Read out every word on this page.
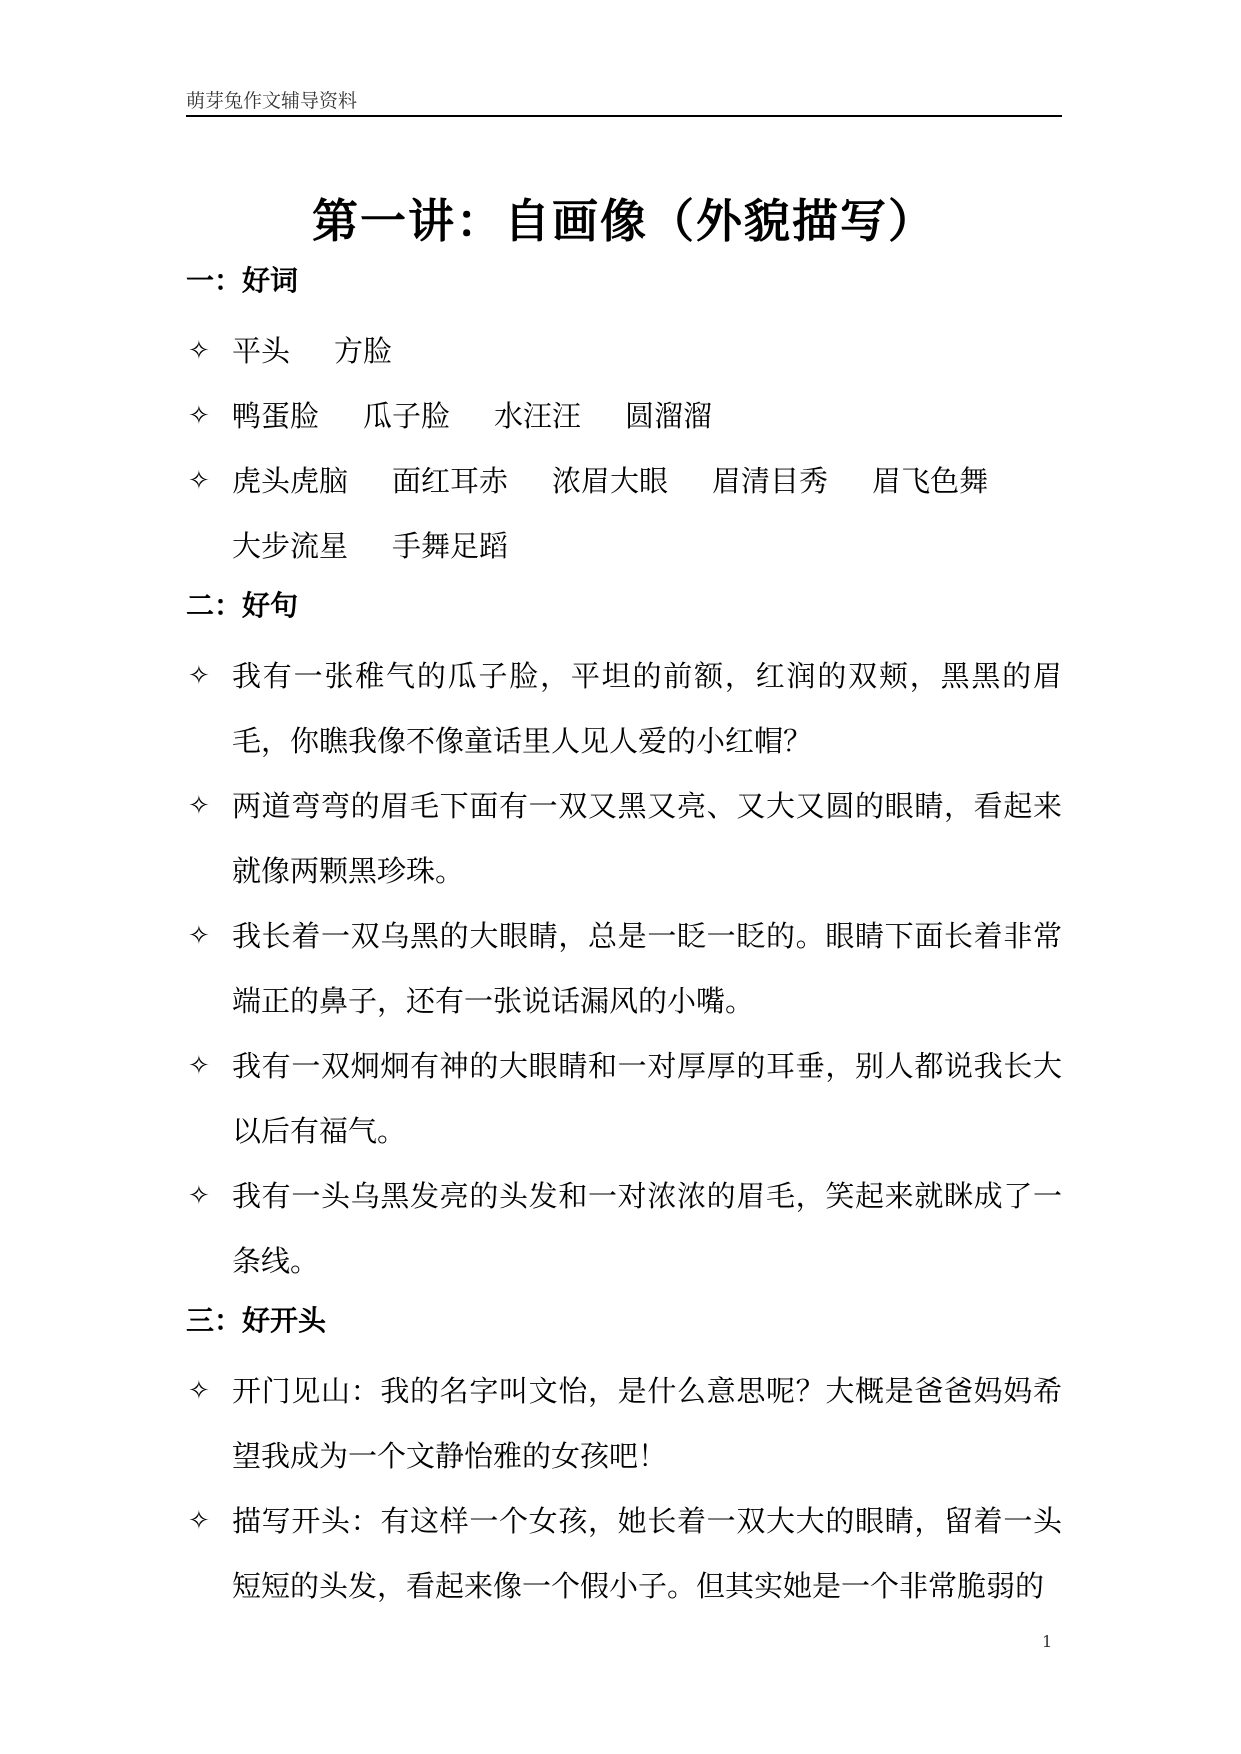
萌芽兔作文辅导资料
第一讲：自画像（外貌描写）
一：好词
✧ 平头 方脸
✧ 鸭蛋脸 瓜子脸 水汪汪 圆溜溜
✧ 虎头虎脑 面红耳赤 浓眉大眼 眉清目秀 眉飞色舞
大步流星 手舞足蹈
二：好句
✧ 我有一张稚气的瓜子脸，平坦的前额，红润的双颊，黑黑的眉毛，你瞧我像不像童话里人见人爱的小红帽？
✧ 两道弯弯的眉毛下面有一双又黑又亮、又大又圆的眼睛，看起来就像两颗黑珍珠。
✧ 我长着一双乌黑的大眼睛，总是一眨一眨的。眼睛下面长着非常端正的鼻子，还有一张说话漏风的小嘴。
✧ 我有一双炯炯有神的大眼睛和一对厚厚的耳垂，别人都说我长大以后有福气。
✧ 我有一头乌黑发亮的头发和一对浓浓的眉毛，笑起来就眯成了一条线。
三：好开头
✧ 开门见山：我的名字叫文怡，是什么意思呢？大概是爸爸妈妈希望我成为一个文静怡雅的女孩吧！
✧ 描写开头：有这样一个女孩，她长着一双大大的眼睛，留着一头短短的头发，看起来像一个假小子。但其实她是一个非常脆弱的
1
